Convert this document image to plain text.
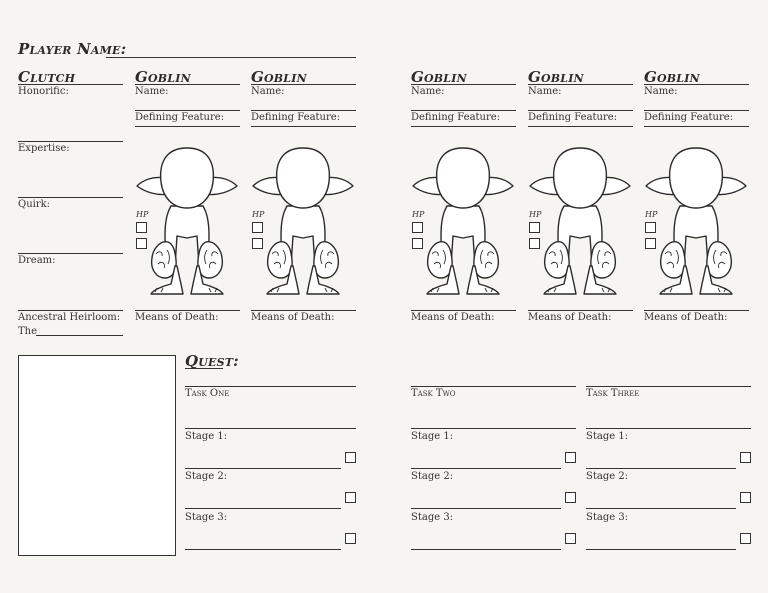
Player Name:
Clutch
Honorific:
Expertise:
Quirk:
Dream:
Ancestral Heirloom:
The
Goblin
Name:
Defining Feature:
HP
Means of Death:
Goblin
Name:
Defining Feature:
HP
Means of Death:
Goblin
Name:
Defining Feature:
HP
Means of Death:
Goblin
Name:
Defining Feature:
HP
Means of Death:
Goblin
Name:
Defining Feature:
HP
Means of Death:
Quest:
Task One
Stage 1:
Stage 2:
Stage 3:
Task Two
Stage 1:
Stage 2:
Stage 3:
Task Three
Stage 1:
Stage 2:
Stage 3:
